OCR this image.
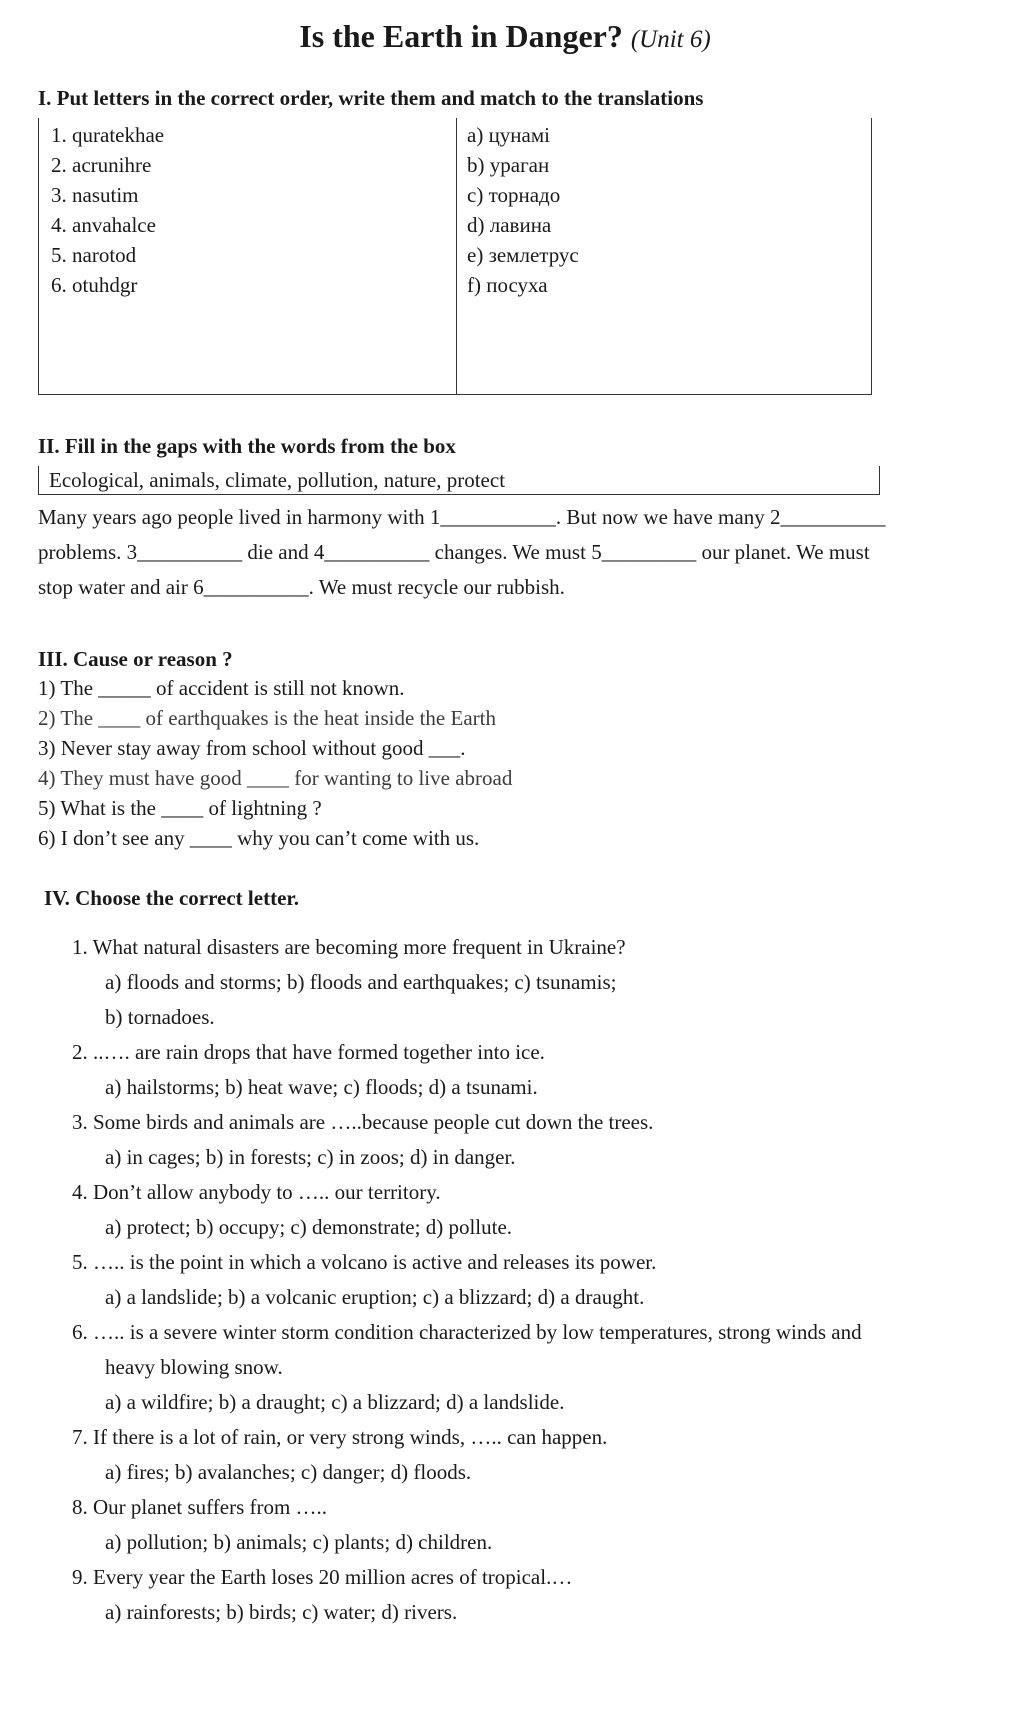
Is the Earth in Danger? (Unit 6)
I. Put letters in the correct order, write them and match to the translations
1. quratekhae
2. acrunihre
3. nasutim
4. anvahalce
5. narotod
6. otuhdgr
a) цунамі
b) ураган
c) торнадо
d) лавина
e) землетрус
f) посуха
II. Fill in the gaps with the words from the box
Ecological, animals, climate, pollution, nature, protect
Many years ago people lived in harmony with 1___________. But now we have many 2__________
problems. 3__________ die and 4__________ changes. We must 5_________ our planet. We must
stop water and air 6__________. We must recycle our rubbish.
III. Cause or reason ?
1) The _____ of accident is still not known.
2) The ____ of earthquakes is the heat inside the Earth
3) Never stay away from school without good ___.
4) They must have good ____ for wanting to live abroad
5) What is the ____ of lightning ?
6) I don’t see any ____ why you can’t come with us.
IV. Choose the correct letter.
1. What natural disasters are becoming more frequent in Ukraine?
a) floods and storms; b) floods and earthquakes; c) tsunamis;
b) tornadoes.
2. ..…. are rain drops that have formed together into ice.
a) hailstorms; b) heat wave; c) floods; d) a tsunami.
3. Some birds and animals are …..because people cut down the trees.
a) in cages; b) in forests; c) in zoos; d) in danger.
4. Don’t allow anybody to ….. our territory.
a) protect; b) occupy; c) demonstrate; d) pollute.
5. ….. is the point in which a volcano is active and releases its power.
a) a landslide; b) a volcanic eruption; c) a blizzard; d) a draught.
6. ….. is a severe winter storm condition characterized by low temperatures, strong winds and
heavy blowing snow.
a) a wildfire; b) a draught; c) a blizzard; d) a landslide.
7. If there is a lot of rain, or very strong winds, ….. can happen.
a) fires; b) avalanches; c) danger; d) floods.
8. Our planet suffers from …..
a) pollution; b) animals; c) plants; d) children.
9. Every year the Earth loses 20 million acres of tropical.…
a) rainforests; b) birds; c) water; d) rivers.
